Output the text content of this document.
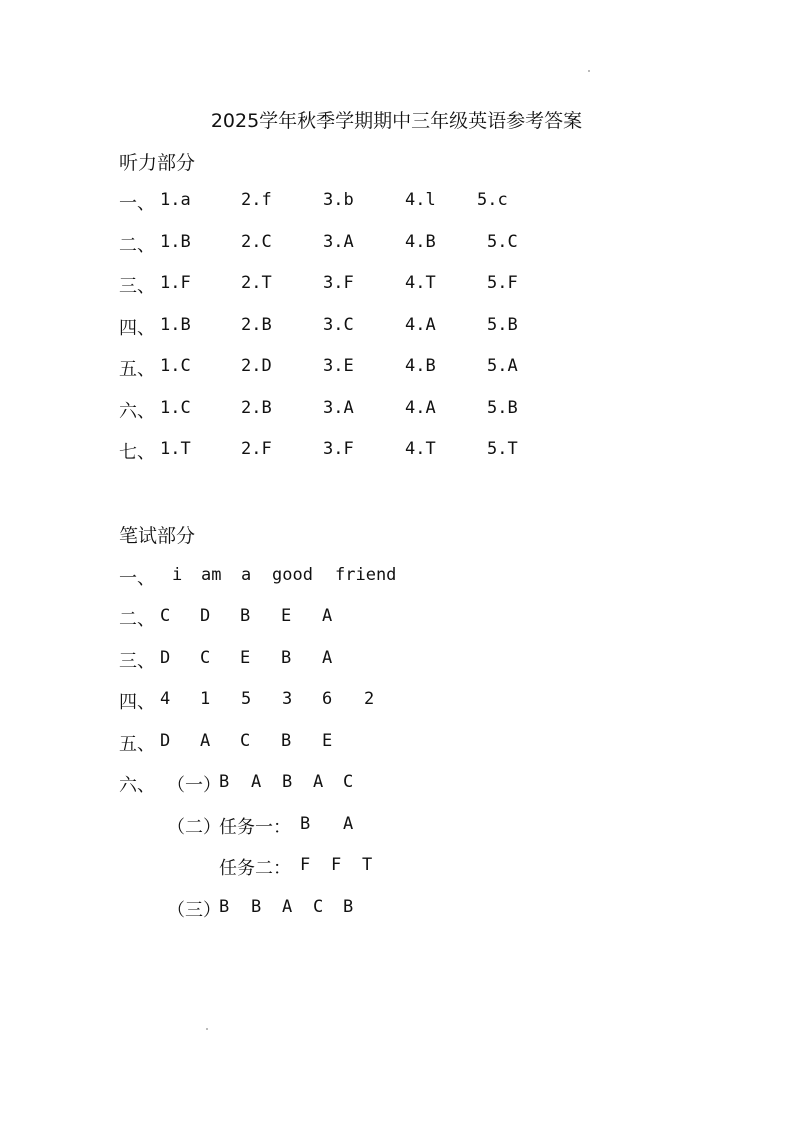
2025学年秋季学期期中三年级英语参考答案
听力部分
一、 1.a	2.f	3.b	4.l 5.c
二、 1.B	2.C	3.A	4.B	5.C
三、 1.F	2.T	3.F	4.T	5.F
四、 1.B	2.B	3.C	4.A	5.B
五、 1.C	2.D	3.E	4.B	5.A
六、 1.C	2.B	3.A	4.A	5.B
七、 1.T	2.F	3.F	4.T	5.T
笔试部分
一、 i am a good friend
二、 C D B E A
三、 D C E B A
四、 4 1 5 3 6 2
五、 D A C B E
六、 （一）
B A B A C
（二）
任务一： B A
任务二： F F T
（三）
B B A C B
